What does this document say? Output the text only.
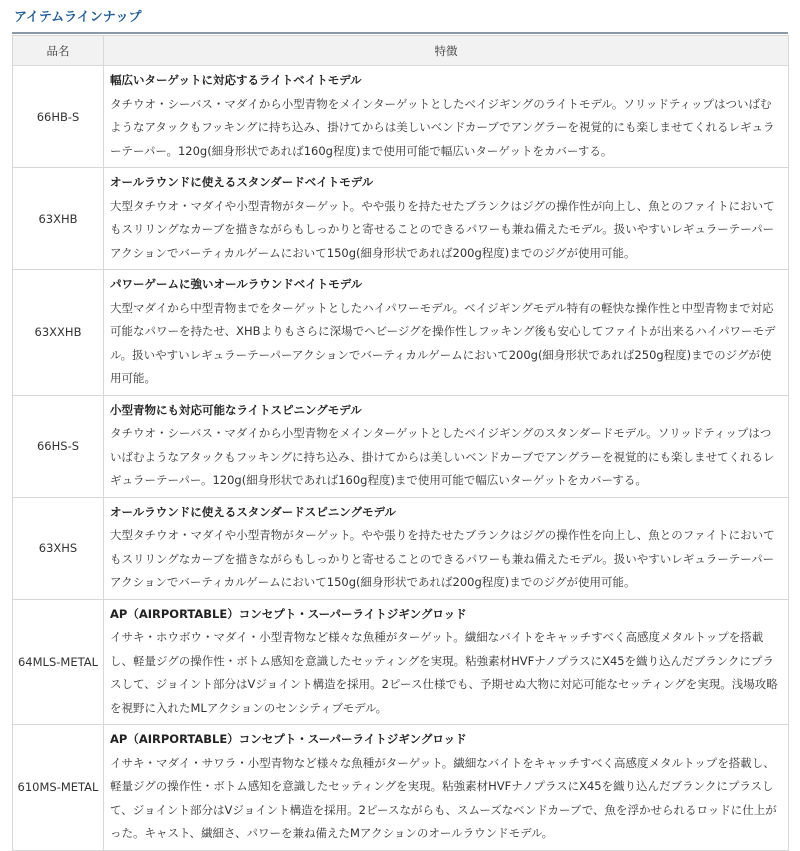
アイテムラインナップ
品名	特徴
66HB-S	幅広いターゲットに対応するライトベイトモデル
タチウオ・シーバス・マダイから小型青物をメインターゲットとしたベイジギングのライトモデル。ソリッドティップはついばむようなアタックもフッキングに持ち込み、掛けてからは美しいベンドカーブでアングラーを視覚的にも楽しませてくれるレギュラーテーパー。120g(細身形状であれば160g程度)まで使用可能で幅広いターゲットをカバーする。

63XHB	オールラウンドに使えるスタンダードベイトモデル
大型タチウオ・マダイや小型青物がターゲット。やや張りを持たせたブランクはジグの操作性が向上し、魚とのファイトにおいてもスリリングなカーブを描きながらもしっかりと寄せることのできるパワーも兼ね備えたモデル。扱いやすいレギュラーテーパーアクションでバーティカルゲームにおいて150g(細身形状であれば200g程度)までのジグが使用可能。

63XXHB	パワーゲームに強いオールラウンドベイトモデル
大型マダイから中型青物までをターゲットとしたハイパワーモデル。ベイジギングモデル特有の軽快な操作性と中型青物まで対応可能なパワーを持たせ、XHBよりもさらに深場でヘビージグを操作性しフッキング後も安心してファイトが出来るハイパワーモデル。扱いやすいレギュラーテーパーアクションでバーティカルゲームにおいて200g(細身形状であれば250g程度)までのジグが使用可能。

66HS-S	小型青物にも対応可能なライトスピニングモデル
タチウオ・シーバス・マダイから小型青物をメインターゲットとしたベイジギングのスタンダードモデル。ソリッドティップはついばむようなアタックもフッキングに持ち込み、掛けてからは美しいベンドカーブでアングラーを視覚的にも楽しませてくれるレギュラーテーパー。120g(細身形状であれば160g程度)まで使用可能で幅広いターゲットをカバーする。

63XHS	オールラウンドに使えるスタンダードスピニングモデル
大型タチウオ・マダイや小型青物がターゲット。やや張りを持たせたブランクはジグの操作性を向上し、魚とのファイトにおいてもスリリングなカーブを描きながらもしっかりと寄せることのできるパワーも兼ね備えたモデル。扱いやすいレギュラーテーパーアクションでバーティカルゲームにおいて150g(細身形状であれば200g程度)までのジグが使用可能。

64MLS-METAL	AP（AIRPORTABLE）コンセプト・スーパーライトジギングロッド
イサキ・ホウボウ・マダイ・小型青物など様々な魚種がターゲット。繊細なバイトをキャッチすべく高感度メタルトップを搭載し、軽量ジグの操作性・ボトム感知を意識したセッティングを実現。粘強素材HVFナノプラスにX45を織り込んだブランクにプラスして、ジョイント部分はVジョイント構造を採用。2ピース仕様でも、予期せぬ大物に対応可能なセッティングを実現。浅場攻略を視野に入れたMLアクションのセンシティブモデル。

610MS-METAL	AP（AIRPORTABLE）コンセプト・スーパーライトジギングロッド
イサキ・マダイ・サワラ・小型青物など様々な魚種がターゲット。繊細なバイトをキャッチすべく高感度メタルトップを搭載し、軽量ジグの操作性・ボトム感知を意識したセッティングを実現。粘強素材HVFナノプラスにX45を織り込んだブランクにプラスして、ジョイント部分はVジョイント構造を採用。2ピースながらも、スムーズなベンドカーブで、魚を浮かせられるロッドに仕上がった。キャスト、繊細さ、パワーを兼ね備えたMアクションのオールラウンドモデル。
